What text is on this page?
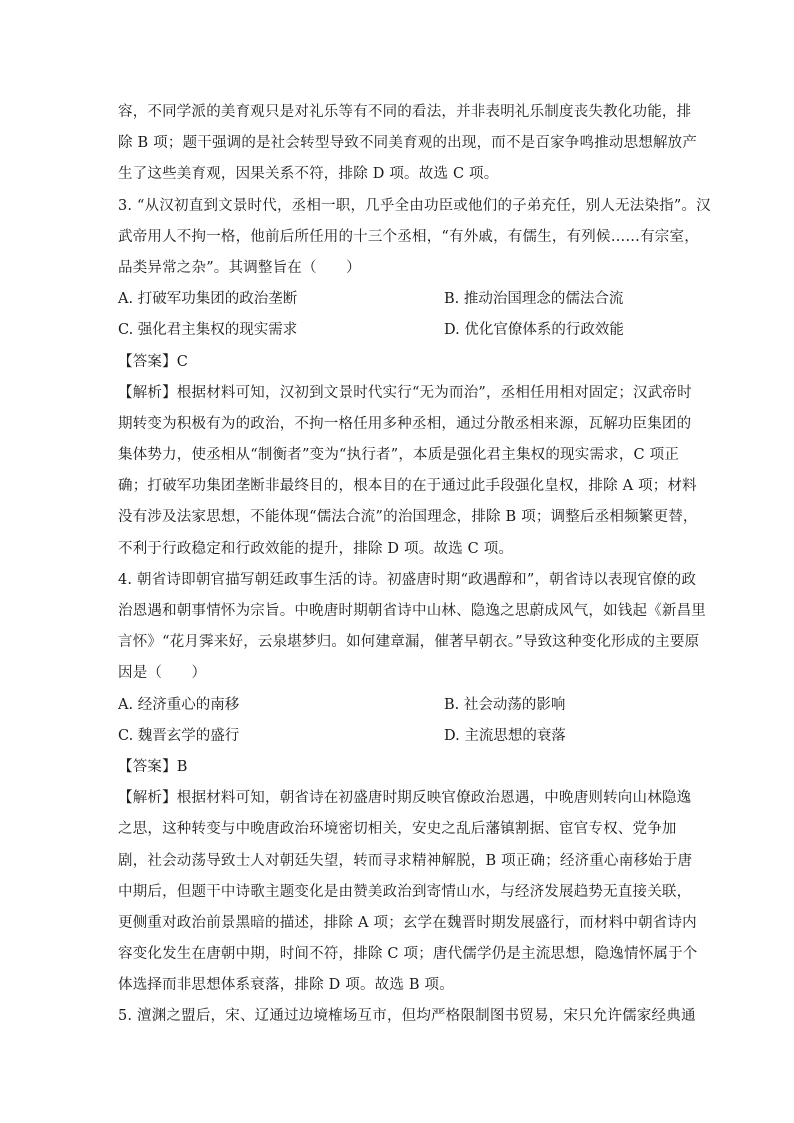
容，不同学派的美育观只是对礼乐等有不同的看法，并非表明礼乐制度丧失教化功能，排
除 B 项；题干强调的是社会转型导致不同美育观的出现，而不是百家争鸣推动思想解放产
生了这些美育观，因果关系不符，排除 D 项。故选 C 项。
3. “从汉初直到文景时代，丞相一职，几乎全由功臣或他们的子弟充任，别人无法染指”。汉
武帝用人不拘一格，他前后所任用的十三个丞相，“有外戚，有儒生，有列候……有宗室，
品类异常之杂”。其调整旨在（　　）
A. 打破军功集团的政治垄断	B. 推动治国理念的儒法合流
C. 强化君主集权的现实需求	D. 优化官僚体系的行政效能
【答案】C
【解析】根据材料可知，汉初到文景时代实行“无为而治”，丞相任用相对固定；汉武帝时
期转变为积极有为的政治，不拘一格任用多种丞相，通过分散丞相来源，瓦解功臣集团的
集体势力，使丞相从“制衡者”变为“执行者”，本质是强化君主集权的现实需求，C 项正
确；打破军功集团垄断非最终目的，根本目的在于通过此手段强化皇权，排除 A 项；材料
没有涉及法家思想，不能体现“儒法合流”的治国理念，排除 B 项；调整后丞相频繁更替，
不利于行政稳定和行政效能的提升，排除 D 项。故选 C 项。
4. 朝省诗即朝官描写朝廷政事生活的诗。初盛唐时期“政遇醇和”，朝省诗以表现官僚的政
治恩遇和朝事情怀为宗旨。中晚唐时期朝省诗中山林、隐逸之思蔚成风气，如钱起《新昌里
言怀》“花月霁来好，云泉堪梦归。如何建章漏，催著早朝衣。”导致这种变化形成的主要原
因是（　　）
A. 经济重心的南移	B. 社会动荡的影响
C. 魏晋玄学的盛行	D. 主流思想的衰落
【答案】B
【解析】根据材料可知，朝省诗在初盛唐时期反映官僚政治恩遇，中晚唐则转向山林隐逸
之思，这种转变与中晚唐政治环境密切相关，安史之乱后藩镇割据、宦官专权、党争加
剧，社会动荡导致士人对朝廷失望，转而寻求精神解脱，B 项正确；经济重心南移始于唐
中期后，但题干中诗歌主题变化是由赞美政治到寄情山水，与经济发展趋势无直接关联，
更侧重对政治前景黑暗的描述，排除 A 项；玄学在魏晋时期发展盛行，而材料中朝省诗内
容变化发生在唐朝中期，时间不符，排除 C 项；唐代儒学仍是主流思想，隐逸情怀属于个
体选择而非思想体系衰落，排除 D 项。故选 B 项。
5. 澶渊之盟后，宋、辽通过边境榷场互市，但均严格限制图书贸易，宋只允许儒家经典通
